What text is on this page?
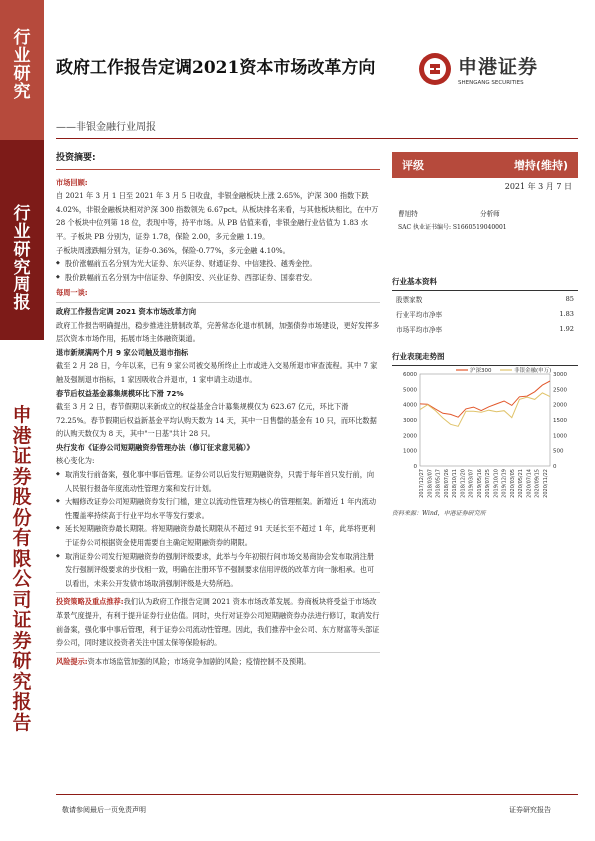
行
业
研
究
行
业
研
究
周
报
申
港
证
券
股
份
有
限
公
司
证
券
研
究
报
告
政府工作报告定调2021资本市场改革方向
——非银金融行业周报
申港证券
SHENGANG SECURITIES
投资摘要:
市场回顾:
自 2021 年 3 月 1 日至 2021 年 3 月 5 日收盘，非银金融板块上涨 2.65%，沪深 300 指数下跌 4.02%，非银金融板块相对沪深 300 指数领先 6.67pct。从板块排名来看，与其他板块相比，在中万 28 个板块中位列第 18 位，表现中等，持平市场。从 PB 估值来看，非银金融行业估值为 1.83 水平。子板块 PB 分别为，证券 1.78，保险 2.00，多元金融 1.19。
子板块周涨跌幅分别为，证券-0.36%，保险-0.77%，多元金融 4.10%。
◆ 股价涨幅前五名分别为光大证券、东兴证券、财通证券、中信建投、越秀金控。
◆ 股价跌幅前五名分别为中信证券、华创阳安、兴业证券、西部证券、国泰君安。
每周一谈:
政府工作报告定调 2021 资本市场改革方向
政府工作报告明确提出，稳步推进注册制改革，完善常态化退市机制，加强债券市场建设，更好发挥多层次资本市场作用，拓展市场主体融资渠道。
退市新规满两个月 9 家公司触及退市指标
截至 2 月 28 日，今年以来，已有 9 家公司被交易所终止上市或进入交易所退市审查流程。其中 7 家触及强制退市指标，1 家因吸收合并退市，1 家申请主动退市。
春节后权益基金募集规模环比下滑 72%
截至 3 月 2 日，春节假期以来新成立的权益基金合计募集规模仅为 623.67 亿元，环比下滑 72.25%。春节假期后权益新基金平均认购天数为 14 天，其中一日售罄的基金有 10 只，而环比数据的认购天数仅为 8 天，其中"一日基"共计 28 只。
央行发布《证券公司短期融资券管理办法（修订征求意见稿）》
核心变化为:
◆ 取消发行前备案，强化事中事后管理。证券公司以后发行短期融资券，只需于每年首只发行前，向人民银行报备年度流动性管理方案和发行计划。
◆ 大幅修改证券公司短期融资券发行门槛，建立以流动性管理为核心的管理框架。新增近 1 年内流动性覆盖率持续高于行业平均水平等发行要求。
◆ 延长短期融资券最长期限。将短期融资券最长期限从不超过 91 天延长至不超过 1 年，此举将更利于证券公司根据资金使用需要自主确定短期融资券的期限。
◆ 取消证券公司发行短期融资券的强制评级要求，此举与今年初银行间市场交易商协会发布取消注册发行强制评级要求的步伐相一致，明确在注册环节不强制要求信用评级的改革方向一脉相承。也可以看出，未来公开发债市场取消强制评级是大势所趋。
投资策略及重点推荐:我们认为政府工作报告定调 2021 资本市场改革发展。券商板块将受益于市场改革景气度提升，有利于提升证券行业估值。同时，央行对证券公司短期融资券办法进行修订，取消发行前备案，强化事中事后管理，利于证券公司流动性管理。因此，我们推荐中金公司、东方财富等头部证券公司，同时建议投资者关注中国太保等保险标的。
风险提示:资本市场监管加强的风险；市场竞争加剧的风险；疫情控制不及预期。
评级	增持(维持)
2021 年 3 月 7 日
曹旭特	分析师
SAC 执业证书编号: S1660519040001
行业基本资料
股票家数	85
行业平均市净率	1.83
市场平均市净率	1.92
行业表现走势图
0
1000
2000
3000
4000
5000
6000
0
500
1000
1500
2000
2500
3000
2017/12/27 2018/03/07 2018/05/17 2018/07/26 2018/10/11 2018/12/20 2019/03/07 2019/05/16 2019/07/25 2019/10/10 2019/12/19 2020/03/05 2020/05/21 2020/07/14 2020/09/15 2020/11/22
沪深300	非银金融(申万)
资料来源：Wind，申港证券研究所
敬请参阅最后一页免责声明	证券研究报告
